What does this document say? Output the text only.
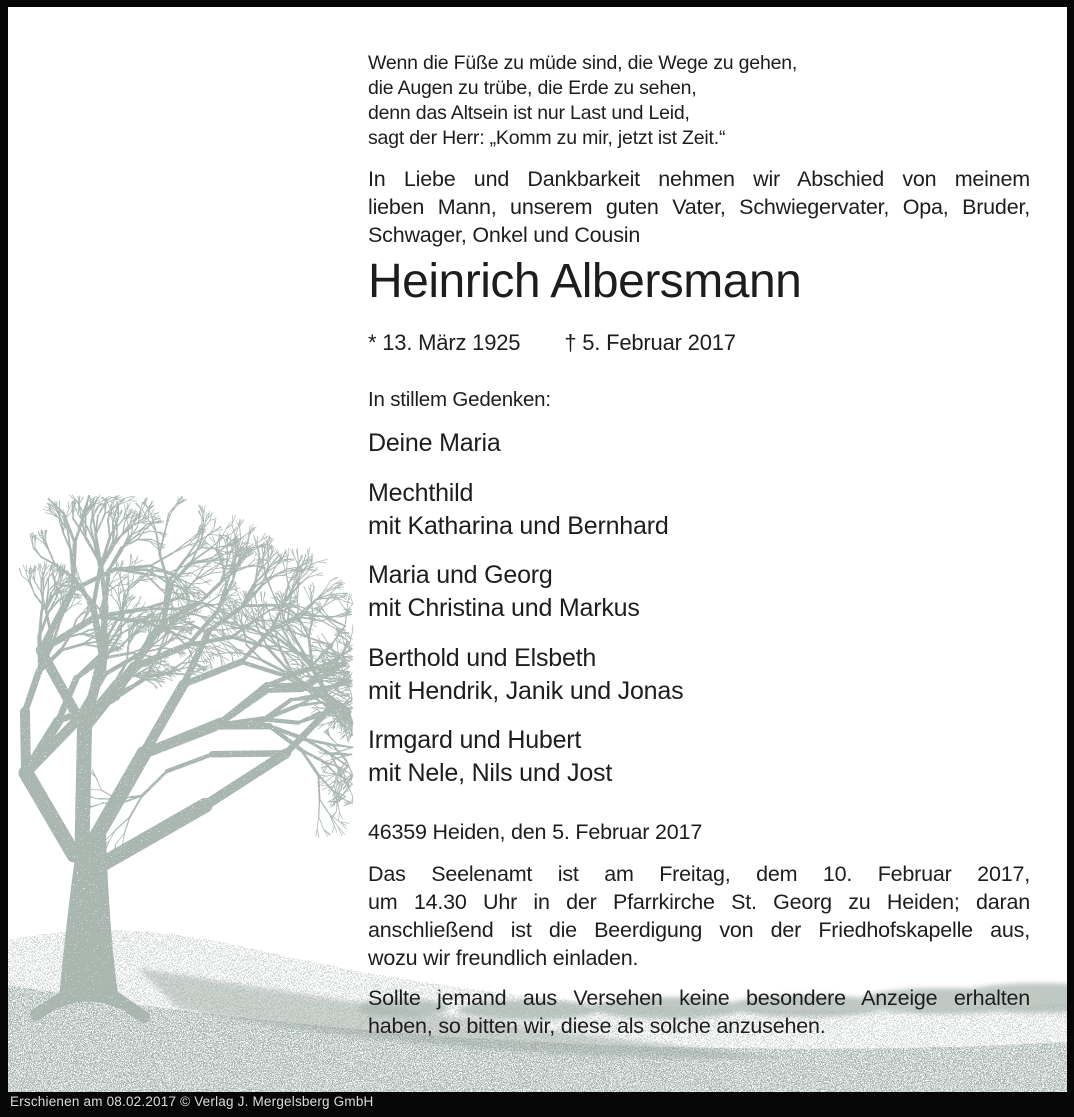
Wenn die Füße zu müde sind, die Wege zu gehen,
die Augen zu trübe, die Erde zu sehen,
denn das Altsein ist nur Last und Leid,
sagt der Herr: „Komm zu mir, jetzt ist Zeit.“
In Liebe und Dankbarkeit nehmen wir Abschied von meinem
lieben Mann, unserem guten Vater, Schwiegervater, Opa, Bruder,
Schwager, Onkel und Cousin
Heinrich Albersmann
* 13. März 1925 † 5. Februar 2017
In stillem Gedenken:
Deine Maria
Mechthild
mit Katharina und Bernhard
Maria und Georg
mit Christina und Markus
Berthold und Elsbeth
mit Hendrik, Janik und Jonas
Irmgard und Hubert
mit Nele, Nils und Jost
46359 Heiden, den 5. Februar 2017
Das Seelenamt ist am Freitag, dem 10. Februar 2017,
um 14.30 Uhr in der Pfarrkirche St. Georg zu Heiden; daran
anschließend ist die Beerdigung von der Friedhofskapelle aus,
wozu wir freundlich einladen.
Sollte jemand aus Versehen keine besondere Anzeige erhalten
haben, so bitten wir, diese als solche anzusehen.
Erschienen am 08.02.2017 © Verlag J. Mergelsberg GmbH
